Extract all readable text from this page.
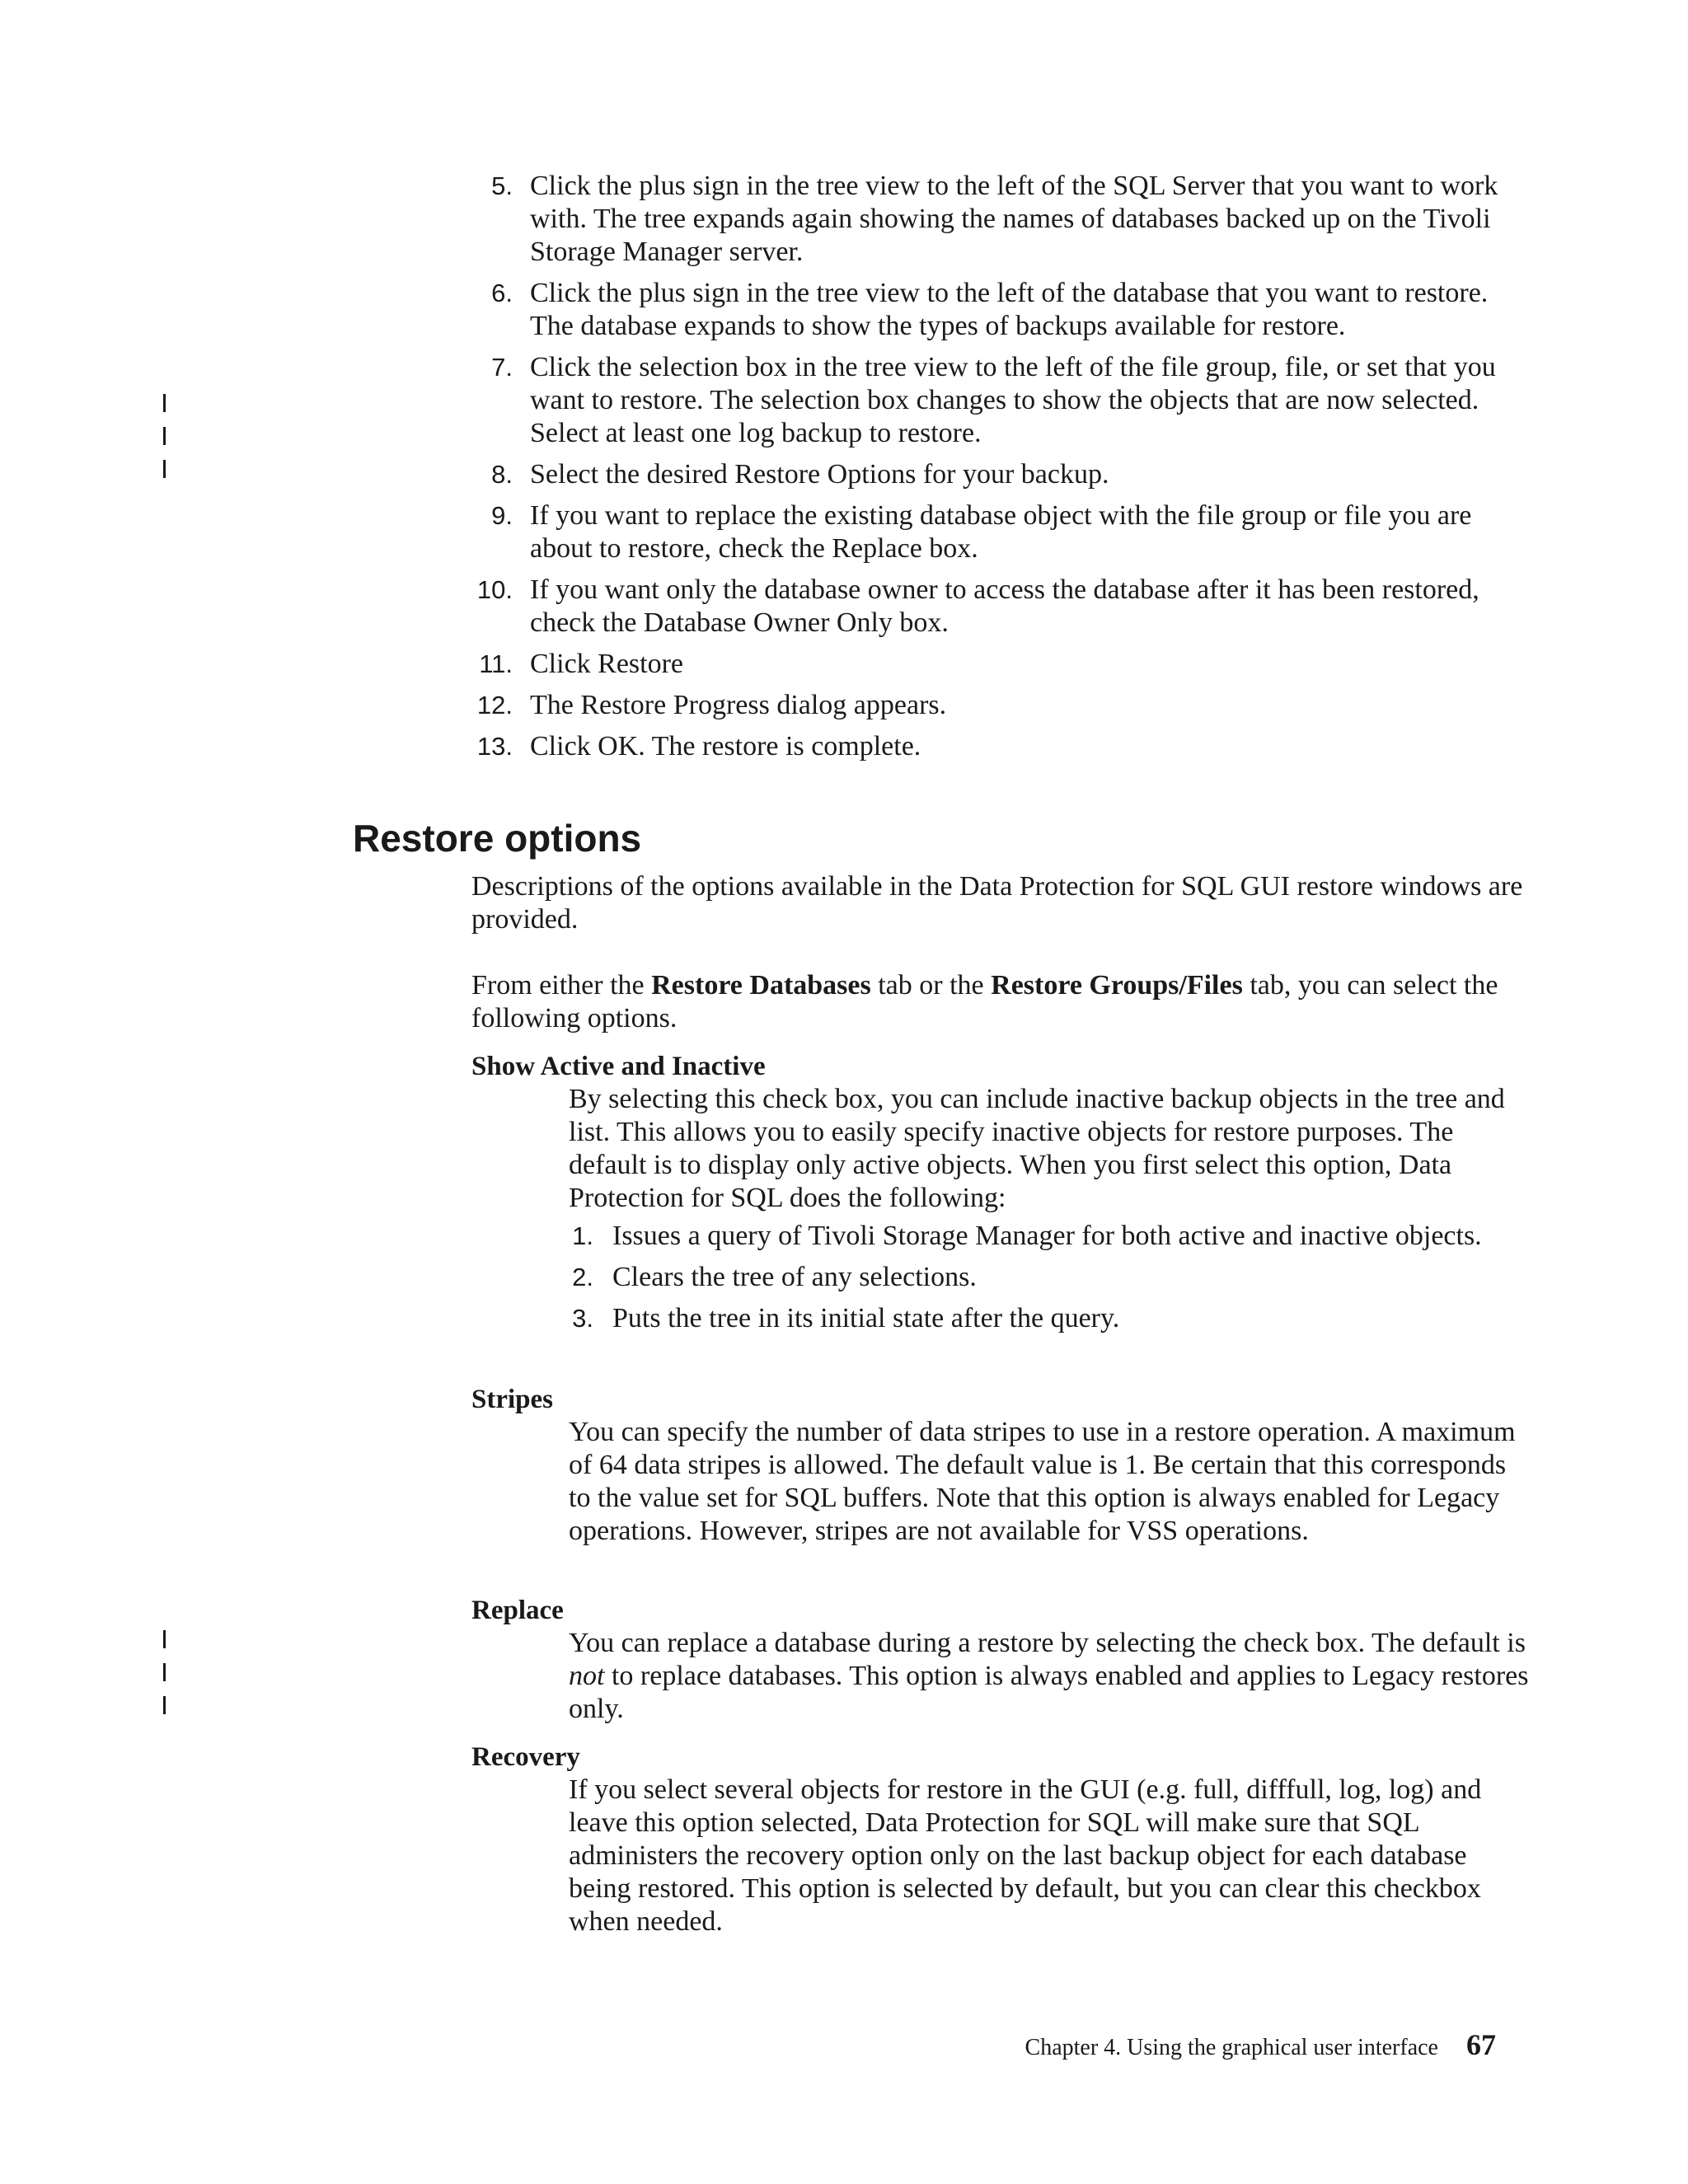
5. Click the plus sign in the tree view to the left of the SQL Server that you want to work with. The tree expands again showing the names of databases backed up on the Tivoli Storage Manager server.
6. Click the plus sign in the tree view to the left of the database that you want to restore. The database expands to show the types of backups available for restore.
7. Click the selection box in the tree view to the left of the file group, file, or set that you want to restore. The selection box changes to show the objects that are now selected. Select at least one log backup to restore.
8. Select the desired Restore Options for your backup.
9. If you want to replace the existing database object with the file group or file you are about to restore, check the Replace box.
10. If you want only the database owner to access the database after it has been restored, check the Database Owner Only box.
11. Click Restore
12. The Restore Progress dialog appears.
13. Click OK. The restore is complete.
Restore options
Descriptions of the options available in the Data Protection for SQL GUI restore windows are provided.
From either the Restore Databases tab or the Restore Groups/Files tab, you can select the following options.
Show Active and Inactive
By selecting this check box, you can include inactive backup objects in the tree and list. This allows you to easily specify inactive objects for restore purposes. The default is to display only active objects. When you first select this option, Data Protection for SQL does the following:
1. Issues a query of Tivoli Storage Manager for both active and inactive objects.
2. Clears the tree of any selections.
3. Puts the tree in its initial state after the query.
Stripes
You can specify the number of data stripes to use in a restore operation. A maximum of 64 data stripes is allowed. The default value is 1. Be certain that this corresponds to the value set for SQL buffers. Note that this option is always enabled for Legacy operations. However, stripes are not available for VSS operations.
Replace
You can replace a database during a restore by selecting the check box. The default is not to replace databases. This option is always enabled and applies to Legacy restores only.
Recovery
If you select several objects for restore in the GUI (e.g. full, difffull, log, log) and leave this option selected, Data Protection for SQL will make sure that SQL administers the recovery option only on the last backup object for each database being restored. This option is selected by default, but you can clear this checkbox when needed.
Chapter 4. Using the graphical user interface 67
